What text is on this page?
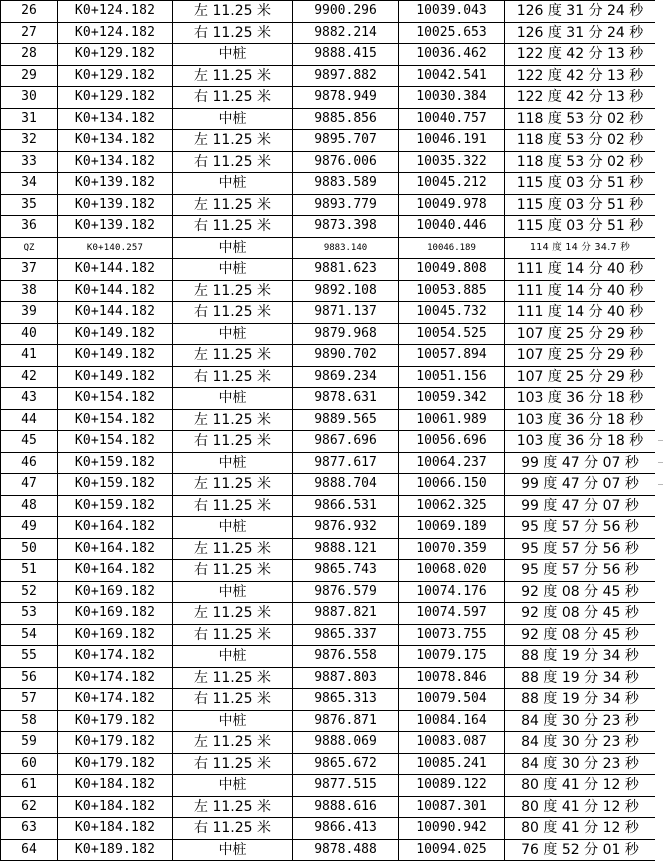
26	K0+124.182	左 11.25 米	9900.296	10039.043	126 度 31 分 24 秒
27	K0+124.182	右 11.25 米	9882.214	10025.653	126 度 31 分 24 秒
28	K0+129.182	中桩	9888.415	10036.462	122 度 42 分 13 秒
29	K0+129.182	左 11.25 米	9897.882	10042.541	122 度 42 分 13 秒
30	K0+129.182	右 11.25 米	9878.949	10030.384	122 度 42 分 13 秒
31	K0+134.182	中桩	9885.856	10040.757	118 度 53 分 02 秒
32	K0+134.182	左 11.25 米	9895.707	10046.191	118 度 53 分 02 秒
33	K0+134.182	右 11.25 米	9876.006	10035.322	118 度 53 分 02 秒
34	K0+139.182	中桩	9883.589	10045.212	115 度 03 分 51 秒
35	K0+139.182	左 11.25 米	9893.779	10049.978	115 度 03 分 51 秒
36	K0+139.182	右 11.25 米	9873.398	10040.446	115 度 03 分 51 秒
QZ	K0+140.257	中桩	9883.140	10046.189	114 度 14 分 34.7 秒
37	K0+144.182	中桩	9881.623	10049.808	111 度 14 分 40 秒
38	K0+144.182	左 11.25 米	9892.108	10053.885	111 度 14 分 40 秒
39	K0+144.182	右 11.25 米	9871.137	10045.732	111 度 14 分 40 秒
40	K0+149.182	中桩	9879.968	10054.525	107 度 25 分 29 秒
41	K0+149.182	左 11.25 米	9890.702	10057.894	107 度 25 分 29 秒
42	K0+149.182	右 11.25 米	9869.234	10051.156	107 度 25 分 29 秒
43	K0+154.182	中桩	9878.631	10059.342	103 度 36 分 18 秒
44	K0+154.182	左 11.25 米	9889.565	10061.989	103 度 36 分 18 秒
45	K0+154.182	右 11.25 米	9867.696	10056.696	103 度 36 分 18 秒
46	K0+159.182	中桩	9877.617	10064.237	99 度 47 分 07 秒
47	K0+159.182	左 11.25 米	9888.704	10066.150	99 度 47 分 07 秒
48	K0+159.182	右 11.25 米	9866.531	10062.325	99 度 47 分 07 秒
49	K0+164.182	中桩	9876.932	10069.189	95 度 57 分 56 秒
50	K0+164.182	左 11.25 米	9888.121	10070.359	95 度 57 分 56 秒
51	K0+164.182	右 11.25 米	9865.743	10068.020	95 度 57 分 56 秒
52	K0+169.182	中桩	9876.579	10074.176	92 度 08 分 45 秒
53	K0+169.182	左 11.25 米	9887.821	10074.597	92 度 08 分 45 秒
54	K0+169.182	右 11.25 米	9865.337	10073.755	92 度 08 分 45 秒
55	K0+174.182	中桩	9876.558	10079.175	88 度 19 分 34 秒
56	K0+174.182	左 11.25 米	9887.803	10078.846	88 度 19 分 34 秒
57	K0+174.182	右 11.25 米	9865.313	10079.504	88 度 19 分 34 秒
58	K0+179.182	中桩	9876.871	10084.164	84 度 30 分 23 秒
59	K0+179.182	左 11.25 米	9888.069	10083.087	84 度 30 分 23 秒
60	K0+179.182	右 11.25 米	9865.672	10085.241	84 度 30 分 23 秒
61	K0+184.182	中桩	9877.515	10089.122	80 度 41 分 12 秒
62	K0+184.182	左 11.25 米	9888.616	10087.301	80 度 41 分 12 秒
63	K0+184.182	右 11.25 米	9866.413	10090.942	80 度 41 分 12 秒
64	K0+189.182	中桩	9878.488	10094.025	76 度 52 分 01 秒
